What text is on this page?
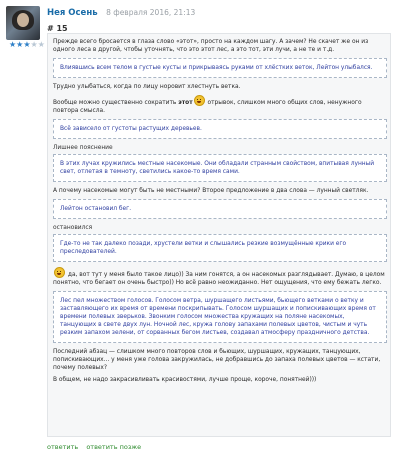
★★★★★
Нея Осень 8 февраля 2016, 21:13
# 15

Прежде всего бросается в глаза слово «этот», просто на каждом шагу. А зачем? Не скачет же он из одного леса в другой, чтобы уточнять, что это этот лес, а это тот, эти лучи, а не те и т.д.

Влиявшись всем телом в густые кусты и прикрываясь руками от хлёстких веток, Лейтон улыбался.

Трудно улыбаться, когда по лицу норовит хлестнуть ветка.

Вообще можно существенно сократить этот отрывок, слишком много общих слов, ненужного повтора смысла.

Всё зависело от густоты растущих деревьев.

Лишнее пояснение

В этих лучах кружились местные насекомые. Они обладали странным свойством, впитывая лунный свет, отлетая в темноту, светились какое-то время сами.

А почему насекомые могут быть не местными? Второе предложение в два слова — лунный светляк.

Лейтон остановил бег.

остановился

Где-то не так далеко позади, хрустели ветки и слышались резкие возмущённые крики его преследователей.

да, вот тут у меня было такое лицо)) За ним гонятся, а он насекомых разглядывает. Думаю, в целом понятно, что бегает он очень быстро)) Но всё равно неожиданно. Нет ощущения, что ему бежать легко.

Лес пел множеством голосов. Голосом ветра, шуршащего листьями, бьющего ветками о ветку и заставляющего их время от времени поскрипывать. Голосом шуршащих и попискивающих время от времени полевых зверьков. Звонким голосом множества кружащих на поляне насекомых, танцующих в свете двух лун. Ночной лес, кружа голову запахами полевых цветов, чистым и чуть резким запахом зелени, от сорванных бегом листьев, создавал атмосферу праздничного детства.

Последний абзац — слишком много повторов слов и бьющих, шуршащих, кружащих, танцующих, попискивающих... у меня уже голова закружилась, не добравшись до запаха полевых цветов — кстати, почему полевых?

В общем, не надо закрасивливать красивостями, лучше проще, короче, понятней)))

ответить ответить позже
